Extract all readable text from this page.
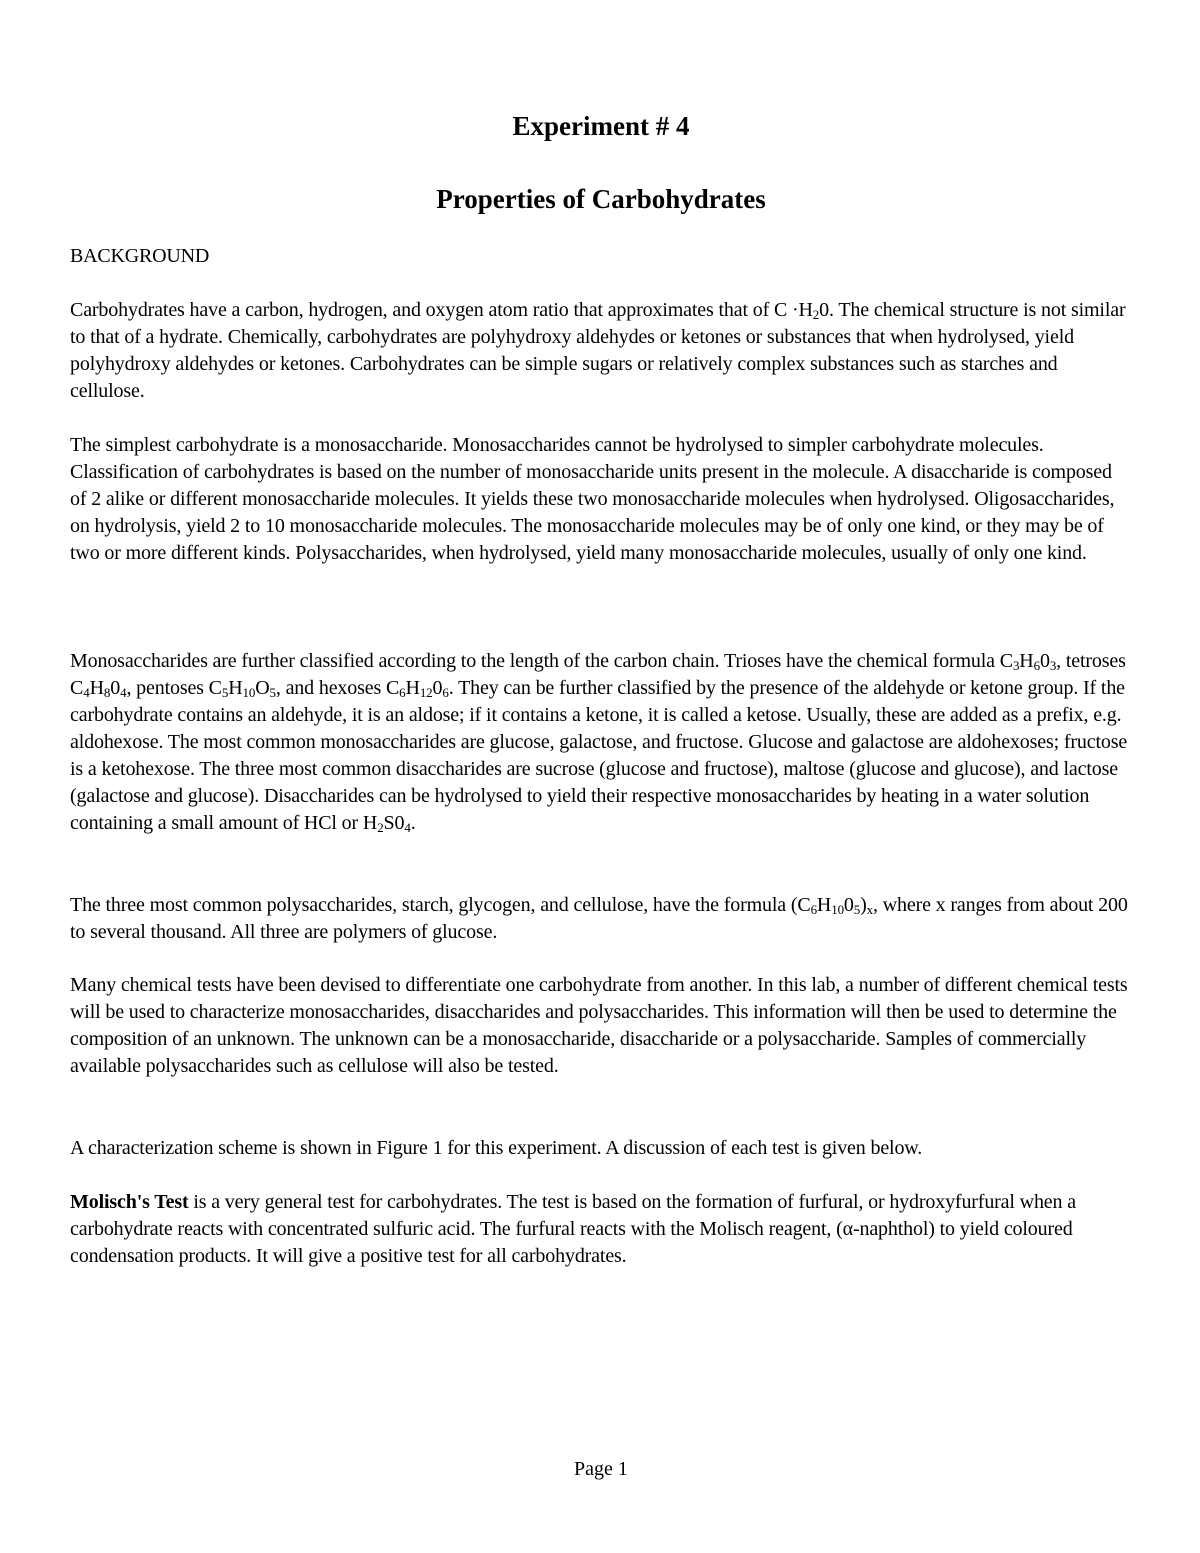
Experiment # 4
Properties of Carbohydrates

BACKGROUND

Carbohydrates have a carbon, hydrogen, and oxygen atom ratio that approximates that of $C \cdot H_20$. The chemical structure is not similar to that of a hydrate. Chemically, carbohydrates are polyhydroxy aldehydes or ketones or substances that when hydrolysed, yield polyhydroxy aldehydes or ketones. Carbohydrates can be simple sugars or relatively complex substances such as starches and cellulose.

The simplest carbohydrate is a monosaccharide. Monosaccharides cannot be hydrolysed to simpler carbohydrate molecules. Classification of carbohydrates is based on the number of monosaccharide units present in the molecule. A disaccharide is composed of 2 alike or different monosaccharide molecules. It yields these two monosaccharide molecules when hydrolysed. Oligosaccharides, on hydrolysis, yield 2 to 10 monosaccharide molecules. The monosaccharide molecules may be of only one kind, or they may be of two or more different kinds. Polysaccharides, when hydrolysed, yield many monosaccharide molecules, usually of only one kind.

Monosaccharides are further classified according to the length of the carbon chain. Trioses have the chemical formula $C_3H_60_3$, tetroses $C_4H_80_4$, pentoses $C_5H_{10}O_5$, and hexoses $C_6H_{12}0_6$. They can be further classified by the presence of the aldehyde or ketone group. If the carbohydrate contains an aldehyde, it is an aldose; if it contains a ketone, it is called a ketose. Usually, these are added as a prefix, e.g. aldohexose. The most common monosaccharides are glucose, galactose, and fructose. Glucose and galactose are aldohexoses; fructose is a ketohexose. The three most common disaccharides are sucrose (glucose and fructose), maltose (glucose and glucose), and lactose (galactose and glucose). Disaccharides can be hydrolysed to yield their respective monosaccharides by heating in a water solution containing a small amount of HCl or $H_2S0_4$.

The three most common polysaccharides, starch, glycogen, and cellulose, have the formula $(C_6H_{10}0_5)_x$, where x ranges from about 200 to several thousand. All three are polymers of glucose.

Many chemical tests have been devised to differentiate one carbohydrate from another. In this lab, a number of different chemical tests will be used to characterize monosaccharides, disaccharides and polysaccharides. This information will then be used to determine the composition of an unknown. The unknown can be a monosaccharide, disaccharide or a polysaccharide. Samples of commercially available polysaccharides such as cellulose will also be tested.

A characterization scheme is shown in Figure 1 for this experiment. A discussion of each test is given below.

Molisch's Test is a very general test for carbohydrates. The test is based on the formation of furfural, or hydroxyfurfural when a carbohydrate reacts with concentrated sulfuric acid. The furfural reacts with the Molisch reagent, (α-naphthol) to yield coloured condensation products. It will give a positive test for all carbohydrates.

Page 1
